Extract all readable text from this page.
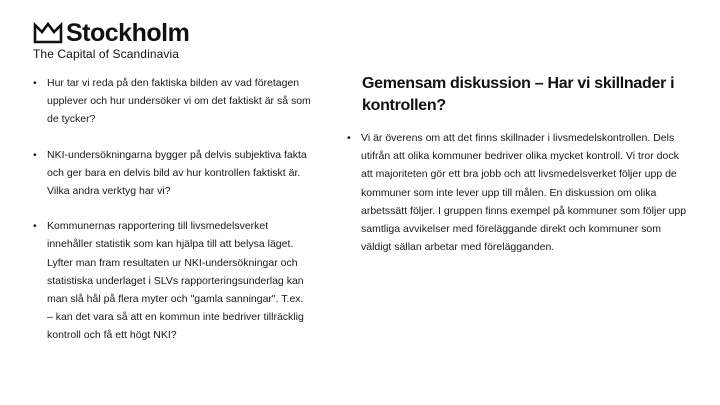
Stockholm
The Capital of Scandinavia
• Hur tar vi reda på den faktiska bilden av vad företagen upplever och hur undersöker vi om det faktiskt är så som de tycker?
• NKI-undersökningarna bygger på delvis subjektiva fakta och ger bara en delvis bild av hur kontrollen faktiskt är. Vilka andra verktyg har vi?
• Kommunernas rapportering till livsmedelsverket innehåller statistik som kan hjälpa till att belysa läget. Lyfter man fram resultaten ur NKI-undersökningar och statistiska underlaget i SLVs rapporteringsunderlag kan man slå hål på flera myter och "gamla sanningar". T.ex. – kan det vara så att en kommun inte bedriver tillräcklig kontroll och få ett högt NKI?
Gemensam diskussion – Har vi skillnader i kontrollen?
• Vi är överens om att det finns skillnader i livsmedelskontrollen. Dels utifrån att olika kommuner bedriver olika mycket kontroll. Vi tror dock att majoriteten gör ett bra jobb och att livsmedelsverket följer upp de kommuner som inte lever upp till målen. En diskussion om olika arbetssätt följer. I gruppen finns exempel på kommuner som följer upp samtliga avvikelser med föreläggande direkt och kommuner som väldigt sällan arbetar med förelägganden.
